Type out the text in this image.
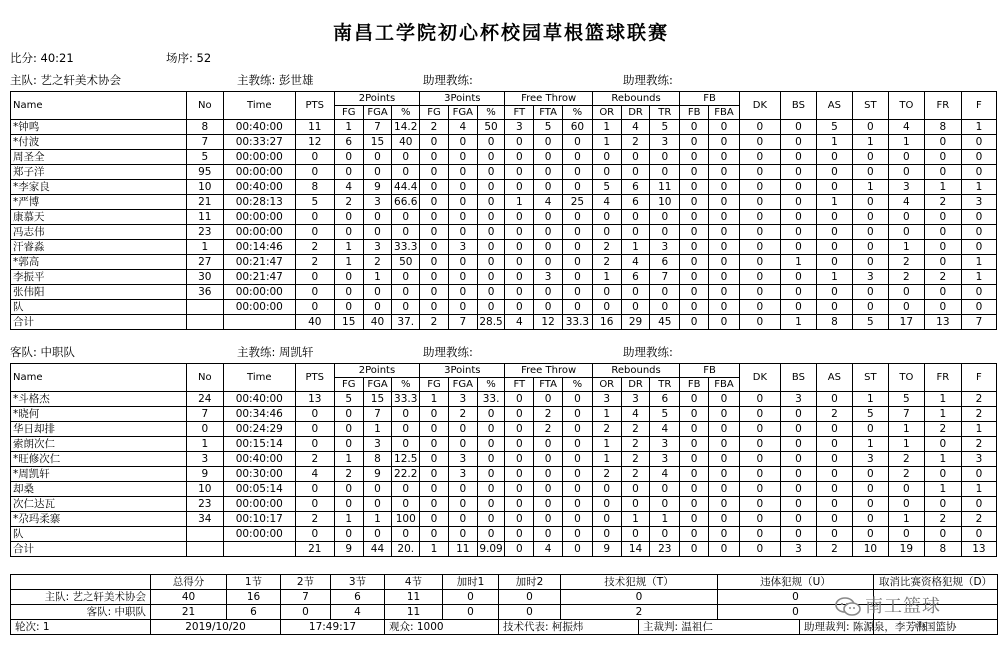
南昌工学院初心杯校园草根篮球联赛
比分: 40:21	场序: 52
主队: 艺之轩美术协会	主教练: 彭世雄	助理教练:	助理教练:
Name	No	Time	PTS	2Points			3Points			Free Throw			Rebounds			FB		DK	BS	AS	ST	TO	FR	F
				FG	FGA	%	FG	FGA	%	FT	FTA	%	OR	DR	TR	FB	FBA							
*钟鸣	8	00:40:00	11	1	7	14.2	2	4	50	3	5	60	1	4	5	0	0	0	0	5	0	4	8	1
*付波	7	00:33:27	12	6	15	40	0	0	0	0	0	0	1	2	3	0	0	0	0	1	1	1	0	0
周圣全	5	00:00:00	0	0	0	0	0	0	0	0	0	0	0	0	0	0	0	0	0	0	0	0	0	0
郑子洋	95	00:00:00	0	0	0	0	0	0	0	0	0	0	0	0	0	0	0	0	0	0	0	0	0	0
*李家良	10	00:40:00	8	4	9	44.4	0	0	0	0	0	0	5	6	11	0	0	0	0	0	1	3	1	1
*严博	21	00:28:13	5	2	3	66.6	0	0	0	1	4	25	4	6	10	0	0	0	0	1	0	4	2	3
康慕天	11	00:00:00	0	0	0	0	0	0	0	0	0	0	0	0	0	0	0	0	0	0	0	0	0	0
冯志伟	23	00:00:00	0	0	0	0	0	0	0	0	0	0	0	0	0	0	0	0	0	0	0	0	0	0
汗睿淼	1	00:14:46	2	1	3	33.3	0	3	0	0	0	0	2	1	3	0	0	0	0	0	0	1	0	0
*郭高	27	00:21:47	2	1	2	50	0	0	0	0	0	0	2	4	6	0	0	0	1	0	0	2	0	1
李振平	30	00:21:47	0	0	1	0	0	0	0	0	3	0	1	6	7	0	0	0	0	1	3	2	2	1
张伟阳	36	00:00:00	0	0	0	0	0	0	0	0	0	0	0	0	0	0	0	0	0	0	0	0	0	0
队		00:00:00	0	0	0	0	0	0	0	0	0	0	0	0	0	0	0	0	0	0	0	0	0	0
合计			40	15	40	37.	2	7	28.5	4	12	33.3	16	29	45	0	0	0	1	8	5	17	13	7
客队: 中职队	主教练: 周凯轩	助理教练:	助理教练:
Name	No	Time	PTS	2Points			3Points			Free Throw			Rebounds			FB		DK	BS	AS	ST	TO	FR	F
				FG	FGA	%	FG	FGA	%	FT	FTA	%	OR	DR	TR	FB	FBA							
*斗格杰	24	00:40:00	13	5	15	33.3	1	3	33.	0	0	0	3	3	6	0	0	0	3	0	1	5	1	2
*晓何	7	00:34:46	0	0	7	0	0	2	0	0	2	0	1	4	5	0	0	0	0	2	5	7	1	2
华日却排	0	00:24:29	0	0	1	0	0	0	0	0	2	0	2	2	4	0	0	0	0	0	0	1	2	1
索朗次仁	1	00:15:14	0	0	3	0	0	0	0	0	0	0	1	2	3	0	0	0	0	0	1	1	0	2
*旺修次仁	3	00:40:00	2	1	8	12.5	0	3	0	0	0	0	1	2	3	0	0	0	0	0	3	2	1	3
*周凯轩	9	00:30:00	4	2	9	22.2	0	3	0	0	0	0	2	2	4	0	0	0	0	0	0	2	0	0
却桑	10	00:05:14	0	0	0	0	0	0	0	0	0	0	0	0	0	0	0	0	0	0	0	0	1	1
次仁达瓦	23	00:00:00	0	0	0	0	0	0	0	0	0	0	0	0	0	0	0	0	0	0	0	0	0	0
*尕玛柔寨	34	00:10:17	2	1	1	100	0	0	0	0	0	0	0	1	1	0	0	0	0	0	0	1	2	2
队		00:00:00	0	0	0	0	0	0	0	0	0	0	0	0	0	0	0	0	0	0	0	0	0	0
合计			21	9	44	20.	1	11	9.09	0	4	0	9	14	23	0	0	0	3	2	10	19	8	13
	总得分	1节	2节	3节	4节	加时1	加时2	技术犯规（T）		违体犯规（U）		取消比赛资格犯规（D）
主队: 艺之轩美术协会	40	16	7	6	11	0	0	0		0		
客队: 中职队	21	6	0	4	11	0	0	2		0		
轮次: 1	2019/10/20		17:49:17		观众: 1000		技术代表: 柯振炜		主裁判: 温祖仁		助理裁判: 陈源泉，李芳海	中国篮协
南工篮球
